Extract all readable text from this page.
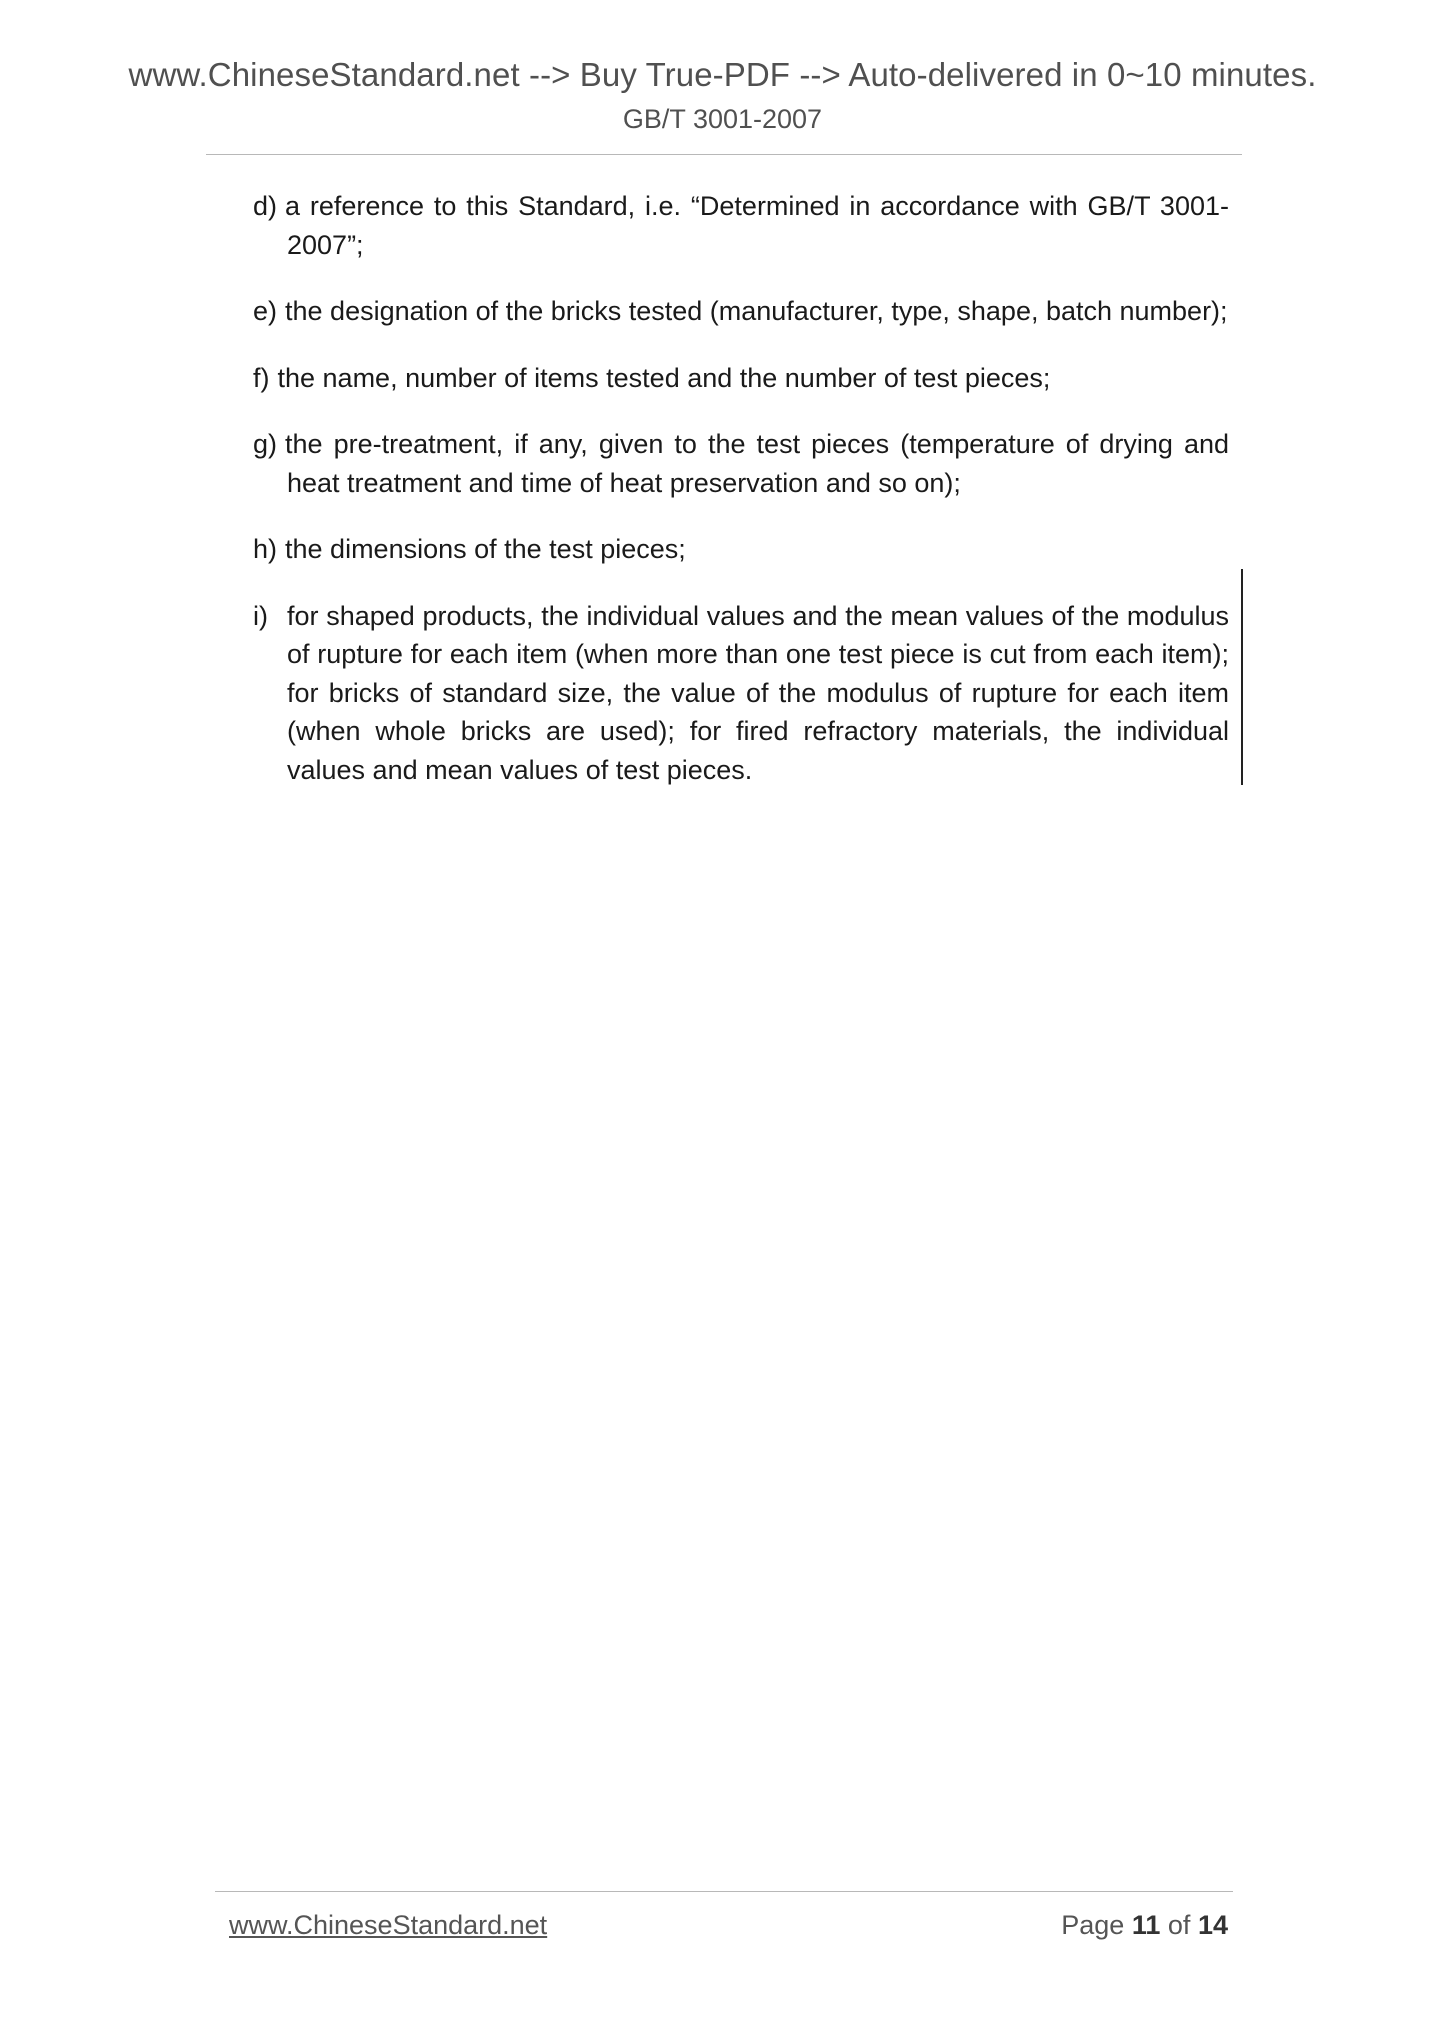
www.ChineseStandard.net --> Buy True-PDF --> Auto-delivered in 0~10 minutes.
GB/T 3001-2007

d) a reference to this Standard, i.e. “Determined in accordance with GB/T 3001-2007”;

e) the designation of the bricks tested (manufacturer, type, shape, batch number);

f) the name, number of items tested and the number of test pieces;

g) the pre-treatment, if any, given to the test pieces (temperature of drying and heat treatment and time of heat preservation and so on);

h) the dimensions of the test pieces;

i) for shaped products, the individual values and the mean values of the modulus of rupture for each item (when more than one test piece is cut from each item); for bricks of standard size, the value of the modulus of rupture for each item (when whole bricks are used); for fired refractory materials, the individual values and mean values of test pieces.

www.ChineseStandard.net	Page 11 of 14
